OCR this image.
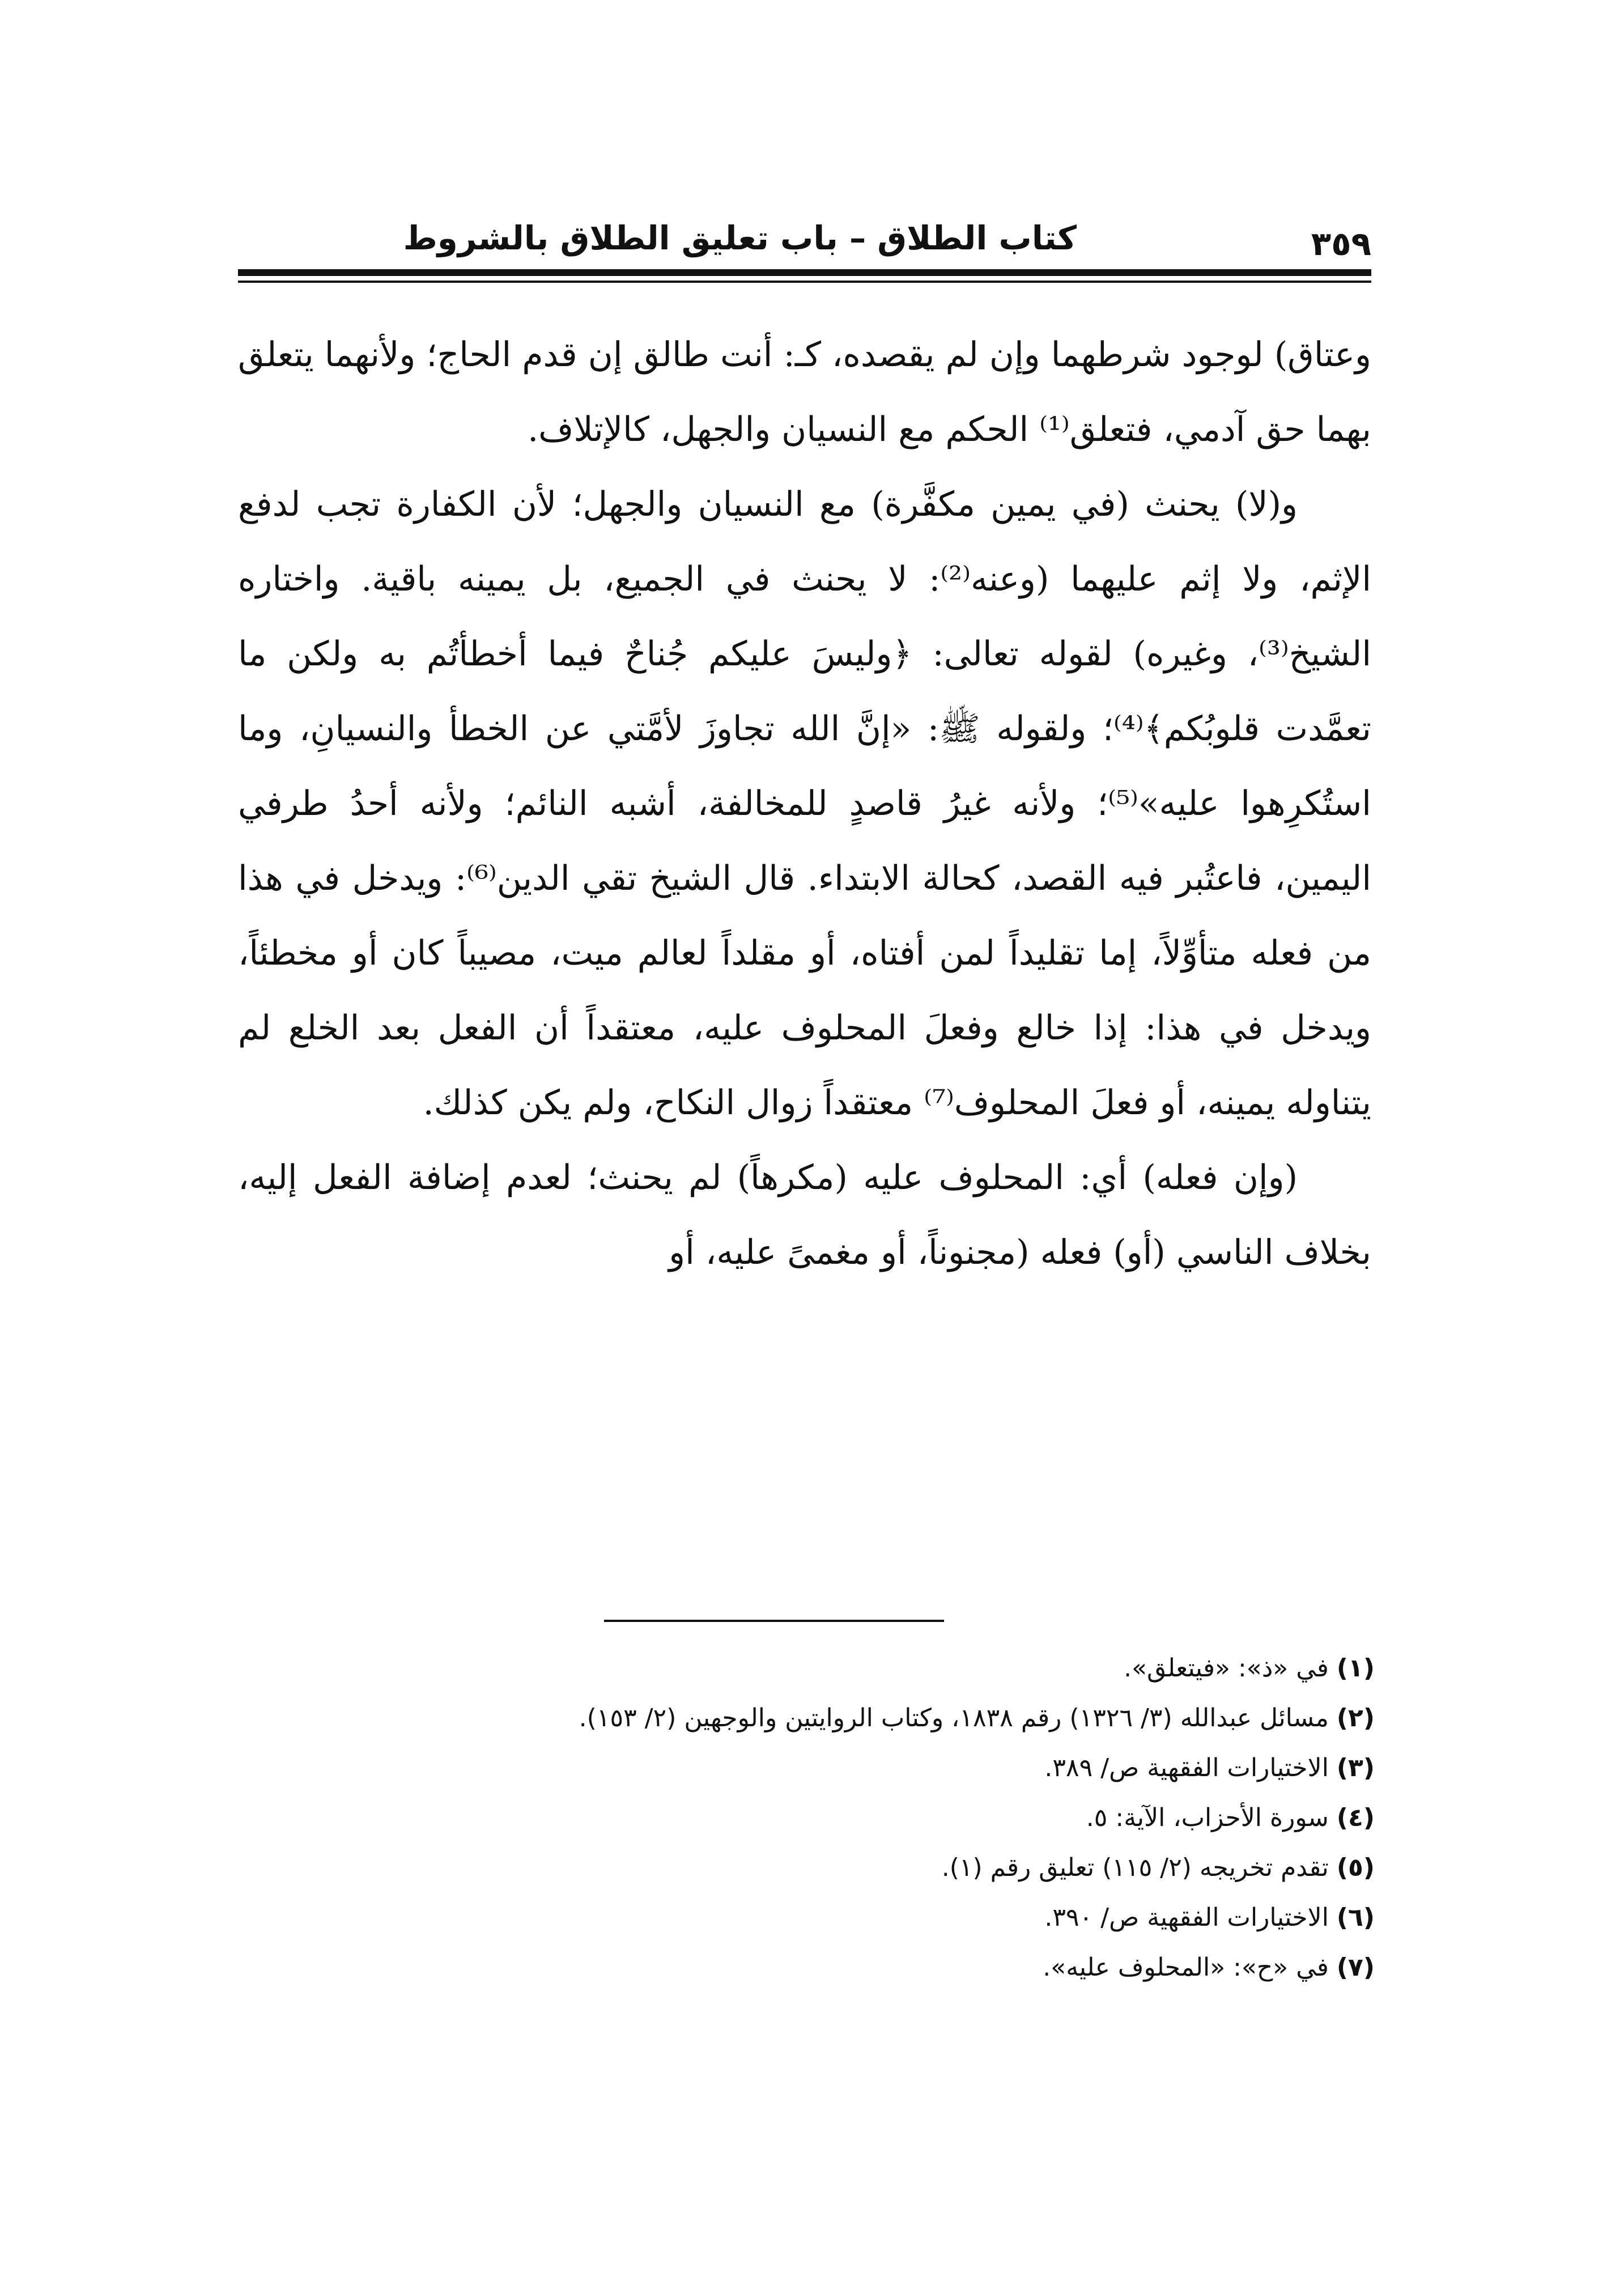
كتاب الطلاق – باب تعليق الطلاق بالشروط	٣٥٩

وعتاق) لوجود شرطهما وإن لم يقصده، كـ: أنت طالق إن قدم الحاج؛ ولأنهما يتعلق بهما حق آدمي، فتعلق⁽¹⁾ الحكم مع النسيان والجهل، كالإتلاف.

و(لا) يحنث (في يمين مكفَّرة) مع النسيان والجهل؛ لأن الكفارة تجب لدفع الإثم، ولا إثم عليهما (وعنه⁽²⁾: لا يحنث في الجميع، بل يمينه باقية. واختاره الشيخ⁽³⁾، وغيره) لقوله تعالى: ﴿وليسَ عليكم جُناحٌ فيما أخطأتُم به ولكن ما تعمَّدت قلوبُكم﴾⁽⁴⁾؛ ولقوله ﷺ: «إنَّ الله تجاوزَ لأمَّتي عن الخطأ والنسيانِ، وما استُكرِهوا عليه»⁽⁵⁾؛ ولأنه غيرُ قاصدٍ للمخالفة، أشبه النائم؛ ولأنه أحدُ طرفي اليمين، فاعتُبر فيه القصد، كحالة الابتداء. قال الشيخ تقي الدين⁽⁶⁾: ويدخل في هذا من فعله متأوِّلاً، إما تقليداً لمن أفتاه، أو مقلداً لعالم ميت، مصيباً كان أو مخطئاً، ويدخل في هذا: إذا خالع وفعلَ المحلوف عليه، معتقداً أن الفعل بعد الخلع لم يتناوله يمينه، أو فعلَ المحلوف⁽⁷⁾ معتقداً زوال النكاح، ولم يكن كذلك.

(وإن فعله) أي: المحلوف عليه (مكرهاً) لم يحنث؛ لعدم إضافة الفعل إليه، بخلاف الناسي (أو) فعله (مجنوناً، أو مغمىً عليه، أو

(١) في «ذ»: «فيتعلق».
(٢) مسائل عبدالله (٣/ ١٣٢٦) رقم ١٨٣٨، وكتاب الروايتين والوجهين (٢/ ١٥٣).
(٣) الاختيارات الفقهية ص/ ٣٨٩.
(٤) سورة الأحزاب، الآية: ٥.
(٥) تقدم تخريجه (٢/ ١١٥) تعليق رقم (١).
(٦) الاختيارات الفقهية ص/ ٣٩٠.
(٧) في «ح»: «المحلوف عليه».
